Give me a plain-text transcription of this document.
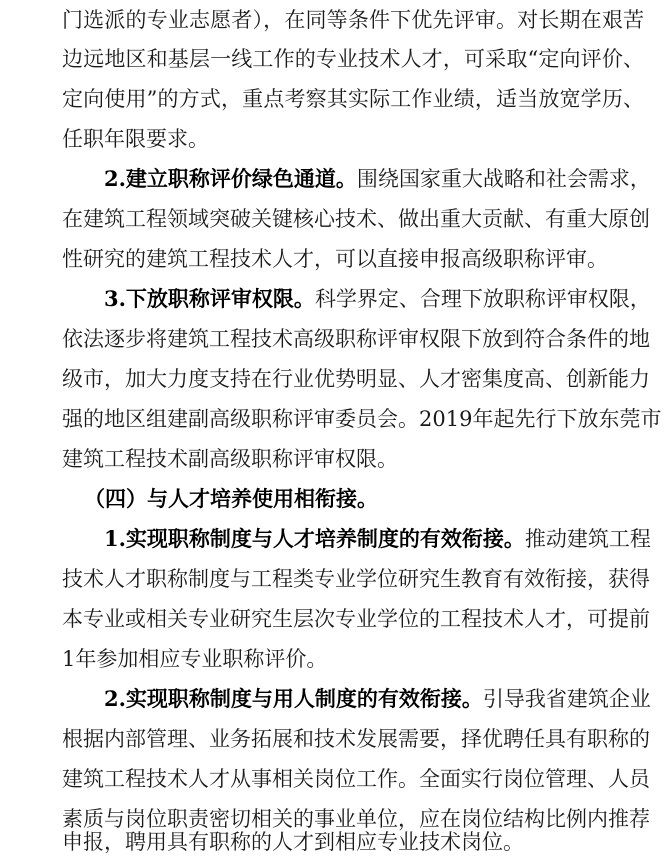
门选派的专业志愿者），在同等条件下优先评审。对长期在艰苦
边远地区和基层一线工作的专业技术人才，可采取“定向评价、
定向使用”的方式，重点考察其实际工作业绩，适当放宽学历、
任职年限要求。
2.建立职称评价绿色通道。围绕国家重大战略和社会需求，
在建筑工程领域突破关键核心技术、做出重大贡献、有重大原创
性研究的建筑工程技术人才，可以直接申报高级职称评审。
3.下放职称评审权限。科学界定、合理下放职称评审权限，
依法逐步将建筑工程技术高级职称评审权限下放到符合条件的地
级市，加大力度支持在行业优势明显、人才密集度高、创新能力
强的地区组建副高级职称评审委员会。2019年起先行下放东莞市
建筑工程技术副高级职称评审权限。
（四）与人才培养使用相衔接。
1.实现职称制度与人才培养制度的有效衔接。推动建筑工程
技术人才职称制度与工程类专业学位研究生教育有效衔接，获得
本专业或相关专业研究生层次专业学位的工程技术人才，可提前
1年参加相应专业职称评价。
2.实现职称制度与用人制度的有效衔接。引导我省建筑企业
根据内部管理、业务拓展和技术发展需要，择优聘任具有职称的
建筑工程技术人才从事相关岗位工作。全面实行岗位管理、人员
素质与岗位职责密切相关的事业单位，应在岗位结构比例内推荐
申报，聘用具有职称的人才到相应专业技术岗位。
